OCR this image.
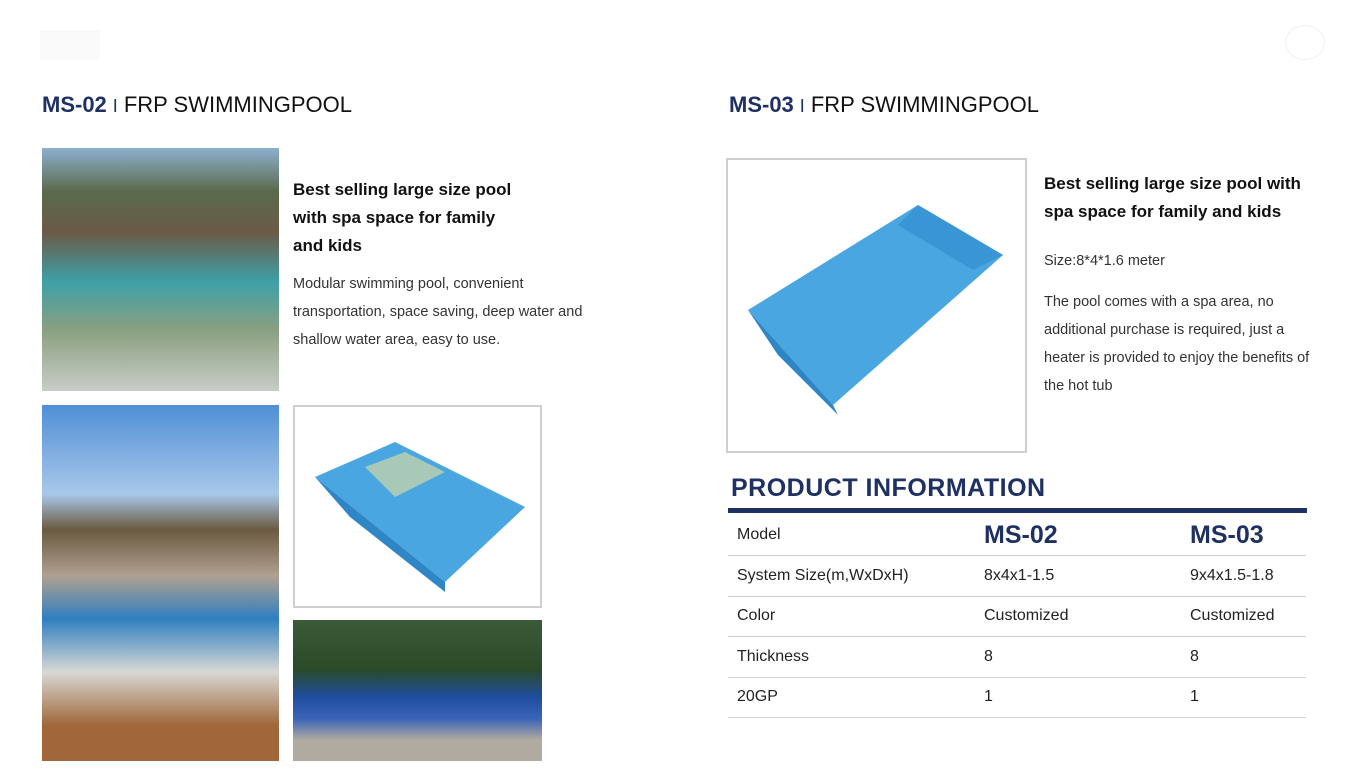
MS-02 I FRP SWIMMINGPOOL	MS-03 I FRP SWIMMINGPOOL
Best selling large size pool with spa space for family and kids
Modular swimming pool, convenient transportation, space saving, deep water and shallow water area, easy to use.
Best selling large size pool with spa space for family and kids
Size:8*4*1.6 meter
The pool comes with a spa area, no additional purchase is required, just a heater is provided to enjoy the benefits of the hot tub
PRODUCT INFORMATION
Model	MS-02	MS-03
System Size(m,WxDxH)	8x4x1-1.5	9x4x1.5-1.8
Color	Customized	Customized
Thickness	8	8
20GP	1	1
